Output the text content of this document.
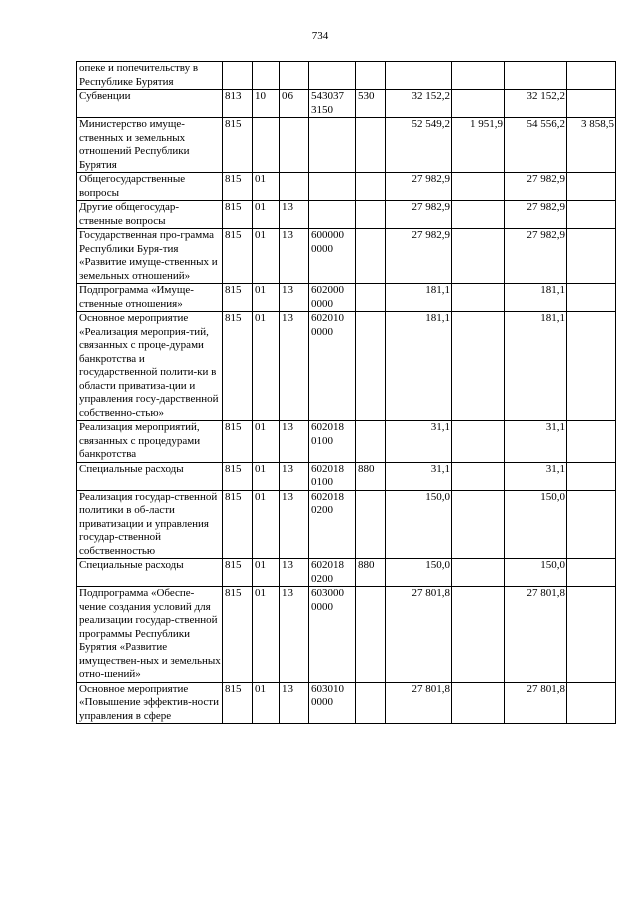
734
опеке и попечительству в Республике Бурятия									
Субвенции	813	10	06	543037 3150	530	32 152,2		32 152,2	
Министерство имуще-ственных и земельных отношений Республики Бурятия	815					52 549,2	1 951,9	54 556,2	3 858,5
Общегосударственные вопросы	815	01				27 982,9		27 982,9	
Другие общегосудар-ственные вопросы	815	01	13			27 982,9		27 982,9	
Государственная про-грамма Республики Буря-тия «Развитие имуще-ственных и земельных отношений»	815	01	13	600000 0000		27 982,9		27 982,9	
Подпрограмма «Имуще-ственные отношения»	815	01	13	602000 0000		181,1		181,1	
Основное мероприятие «Реализация мероприя-тий, связанных с проце-дурами банкротства и государственной полити-ки в области приватиза-ции и управления госу-дарственной собственно-стью»	815	01	13	602010 0000		181,1		181,1	
Реализация мероприятий, связанных с процедурами банкротства	815	01	13	602018 0100		31,1		31,1	
Специальные расходы	815	01	13	602018 0100	880	31,1		31,1	
Реализация государ-ственной политики в об-ласти приватизации и управления государ-ственной собственностью	815	01	13	602018 0200		150,0		150,0	
Специальные расходы	815	01	13	602018 0200	880	150,0		150,0	
Подпрограмма «Обеспе-чение создания условий для реализации государ-ственной программы Республики Бурятия «Развитие имуществен-ных и земельных отно-шений»	815	01	13	603000 0000		27 801,8		27 801,8	
Основное мероприятие «Повышение эффектив-ности управления в сфере	815	01	13	603010 0000		27 801,8		27 801,8	
